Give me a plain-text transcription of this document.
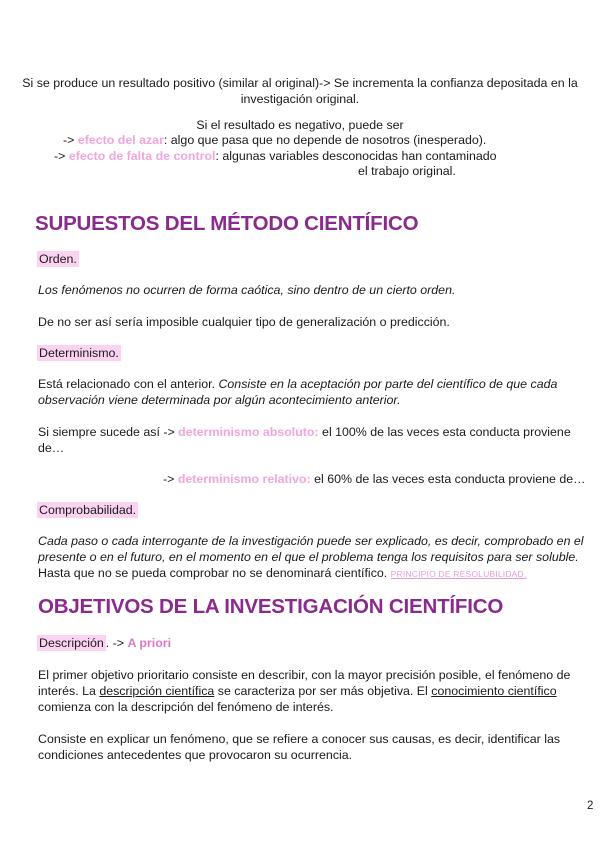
Si se produce un resultado positivo (similar al original)-> Se incrementa la confianza depositada en la
investigación original.
Si el resultado es negativo, puede ser
-> efecto del azar: algo que pasa que no depende de nosotros (inesperado).
-> efecto de falta de control: algunas variables desconocidas han contaminado
el trabajo original.
SUPUESTOS DEL MÉTODO CIENTÍFICO
Orden.
Los fenómenos no ocurren de forma caótica, sino dentro de un cierto orden.
De no ser así sería imposible cualquier tipo de generalización o predicción.
Determinismo.
Está relacionado con el anterior. Consiste en la aceptación por parte del científico de que cada
observación viene determinada por algún acontecimiento anterior.
Si siempre sucede así -> determinismo absoluto: el 100% de las veces esta conducta proviene
de…
-> determinismo relativo: el 60% de las veces esta conducta proviene de…
Comprobabilidad.
Cada paso o cada interrogante de la investigación puede ser explicado, es decir, comprobado en el
presente o en el futuro, en el momento en el que el problema tenga los requisitos para ser soluble.
Hasta que no se pueda comprobar no se denominará científico. PRINCIPIO DE RESOLUBILIDAD.
OBJETIVOS DE LA INVESTIGACIÓN CIENTÍFICO
Descripción . -> A priori
El primer objetivo prioritario consiste en describir, con la mayor precisión posible, el fenómeno de
interés. La descripción científica se caracteriza por ser más objetiva. El conocimiento científico
comienza con la descripción del fenómeno de interés.
Consiste en explicar un fenómeno, que se refiere a conocer sus causas, es decir, identificar las
condiciones antecedentes que provocaron su ocurrencia.
2
